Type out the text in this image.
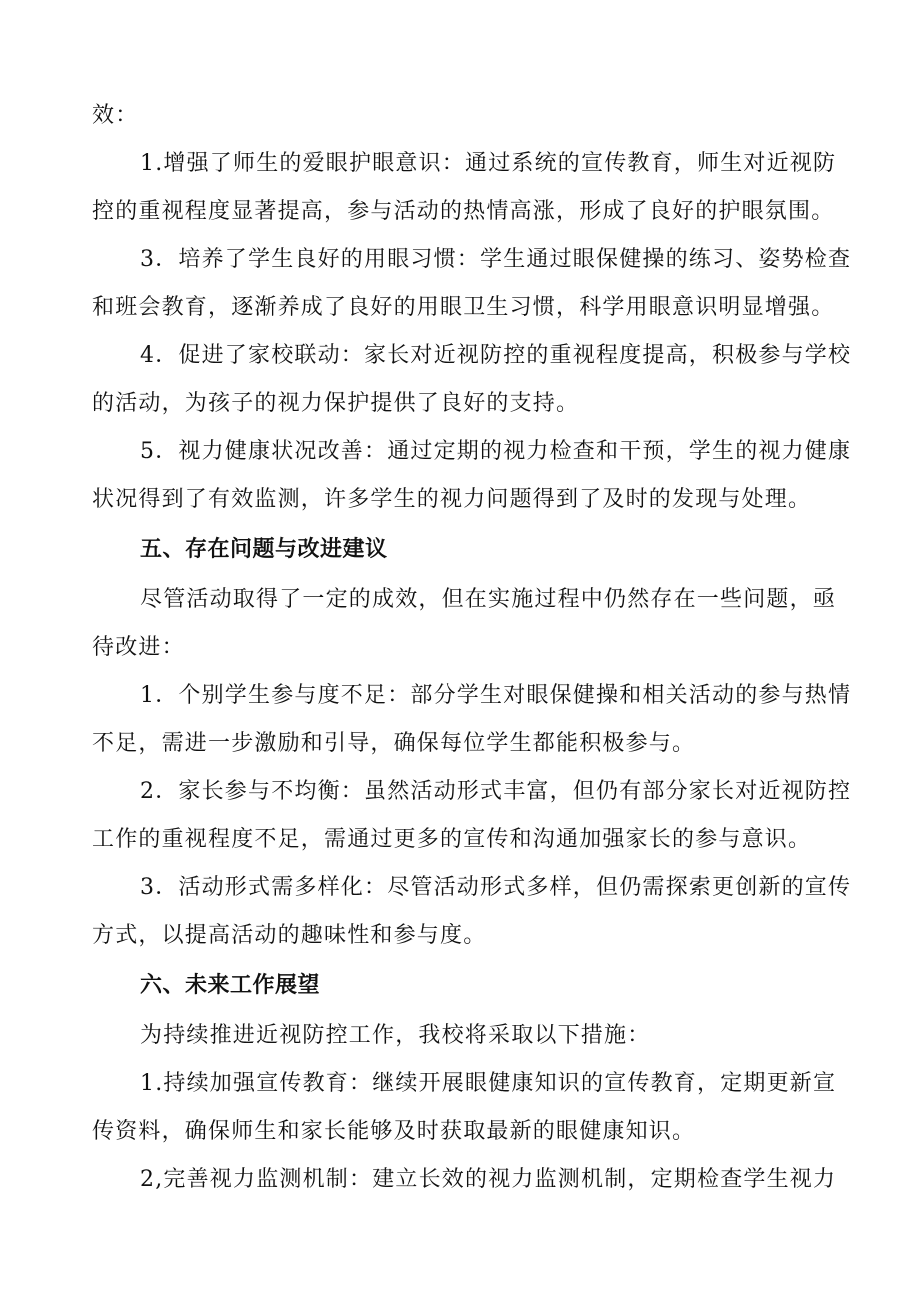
效：

1.增强了师生的爱眼护眼意识：通过系统的宣传教育，师生对近视防控的重视程度显著提高，参与活动的热情高涨，形成了良好的护眼氛围。

3．培养了学生良好的用眼习惯：学生通过眼保健操的练习、姿势检查和班会教育，逐渐养成了良好的用眼卫生习惯，科学用眼意识明显增强。

4．促进了家校联动：家长对近视防控的重视程度提高，积极参与学校的活动，为孩子的视力保护提供了良好的支持。

5．视力健康状况改善：通过定期的视力检查和干预，学生的视力健康状况得到了有效监测，许多学生的视力问题得到了及时的发现与处理。

五、存在问题与改进建议

尽管活动取得了一定的成效，但在实施过程中仍然存在一些问题，亟待改进：

1．个别学生参与度不足：部分学生对眼保健操和相关活动的参与热情不足，需进一步激励和引导，确保每位学生都能积极参与。

2．家长参与不均衡：虽然活动形式丰富，但仍有部分家长对近视防控工作的重视程度不足，需通过更多的宣传和沟通加强家长的参与意识。

3．活动形式需多样化：尽管活动形式多样，但仍需探索更创新的宣传方式，以提高活动的趣味性和参与度。

六、未来工作展望

为持续推进近视防控工作，我校将采取以下措施：

1.持续加强宣传教育：继续开展眼健康知识的宣传教育，定期更新宣传资料，确保师生和家长能够及时获取最新的眼健康知识。

2,完善视力监测机制：建立长效的视力监测机制，定期检查学生视力
